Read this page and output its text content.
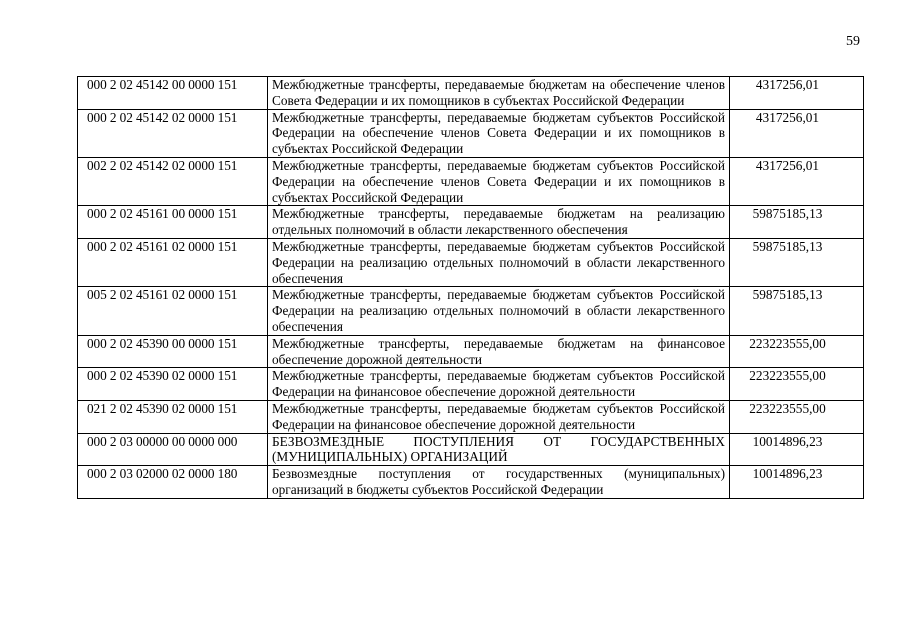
59
000 2 02 45142 00 0000 151	Межбюджетные трансферты, передаваемые бюджетам на обеспечение членов Совета Федерации и их помощников в субъектах Российской Федерации	4317256,01
000 2 02 45142 02 0000 151	Межбюджетные трансферты, передаваемые бюджетам субъектов Российской Федерации на обеспечение членов Совета Федерации и их помощников в субъектах Российской Федерации	4317256,01
002 2 02 45142 02 0000 151	Межбюджетные трансферты, передаваемые бюджетам субъектов Российской Федерации на обеспечение членов Совета Федерации и их помощников в субъектах Российской Федерации	4317256,01
000 2 02 45161 00 0000 151	Межбюджетные трансферты, передаваемые бюджетам на реализацию отдельных полномочий в области лекарственного обеспечения	59875185,13
000 2 02 45161 02 0000 151	Межбюджетные трансферты, передаваемые бюджетам субъектов Российской Федерации на реализацию отдельных полномочий в области лекарственного обеспечения	59875185,13
005 2 02 45161 02 0000 151	Межбюджетные трансферты, передаваемые бюджетам субъектов Российской Федерации на реализацию отдельных полномочий в области лекарственного обеспечения	59875185,13
000 2 02 45390 00 0000 151	Межбюджетные трансферты, передаваемые бюджетам на финансовое обеспечение дорожной деятельности	223223555,00
000 2 02 45390 02 0000 151	Межбюджетные трансферты, передаваемые бюджетам субъектов Российской Федерации на финансовое обеспечение дорожной деятельности	223223555,00
021 2 02 45390 02 0000 151	Межбюджетные трансферты, передаваемые бюджетам субъектов Российской Федерации на финансовое обеспечение дорожной деятельности	223223555,00
000 2 03 00000 00 0000 000	БЕЗВОЗМЕЗДНЫЕ ПОСТУПЛЕНИЯ ОТ ГОСУДАРСТВЕННЫХ (МУНИЦИПАЛЬНЫХ) ОРГАНИЗАЦИЙ	10014896,23
000 2 03 02000 02 0000 180	Безвозмездные поступления от государственных (муниципальных) организаций в бюджеты субъектов Российской Федерации	10014896,23
